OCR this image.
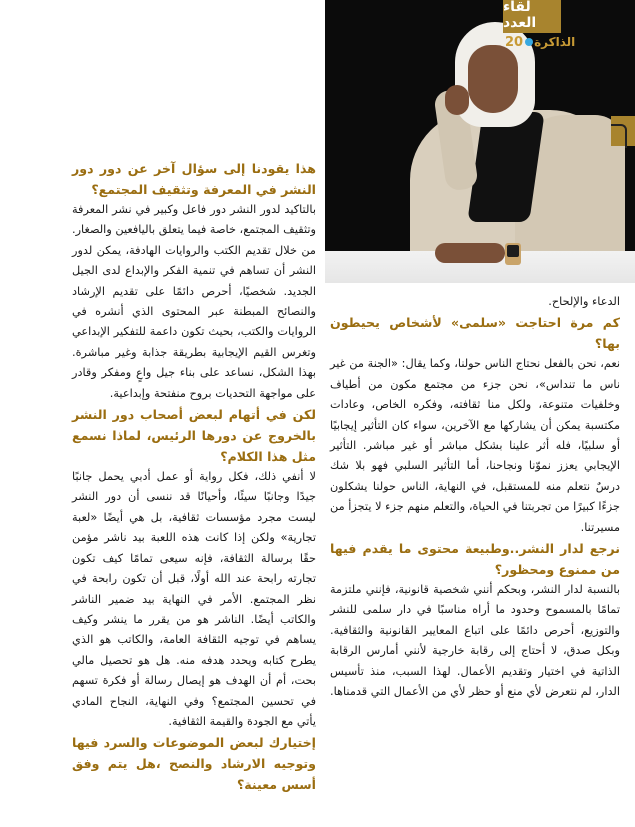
لقاء العدد
20 الذاكرة

هذا يقودنا إلى سؤال آخر عن دور دور النشر في المعرفة وتثقيف المجتمع؟

بالتاكيد لدور النشر دور فاعل وكبير في نشر المعرفة وتثقيف المجتمع، خاصة فيما يتعلق باليافعين والصغار. من خلال تقديم الكتب والروايات الهادفة، يمكن لدور النشر أن تساهم في تنمية الفكر والإبداع لدى الجيل الجديد. شخصيًا، أحرص دائمًا على تقديم الإرشاد والنصائح المبطنة عبر المحتوى الذي أنشره في الروايات والكتب، بحيث تكون داعمة للتفكير الإبداعي وتغرس القيم الإيجابية بطريقة جذابة وغير مباشرة. بهذا الشكل، نساعد على بناء جيل واعٍ ومفكر وقادر على مواجهة التحديات بروح منفتحة وإبداعية.

لكن في أتهام لبعض أصحاب دور النشر بالخروج عن دورها الرئيس، لماذا نسمع مثل هذا الكلام؟

لا أنفي ذلك، فكل رواية أو عمل أدبي يحمل جانبًا جيدًا وجانبًا سيئًا، وأحيانًا قد ننسى أن دور النشر ليست مجرد مؤسسات ثقافية، بل هي أيضًا «لعبة تجارية» ولكن إذا كانت هذه اللعبة بيد ناشر مؤمن حقًا برسالة الثقافة، فإنه سيعى تمامًا كيف تكون تجارته رابحة عند الله أولًا، قبل أن تكون رابحة في نظر المجتمع. الأمر في النهاية بيد ضمير الناشر والكاتب أيضًا. الناشر هو من يقرر ما ينشر وكيف يساهم في توجيه الثقافة العامة، والكاتب هو الذي يطرح كتابه ويحدد هدفه منه. هل هو تحصيل مالي بحت، أم أن الهدف هو إيصال رسالة أو فكرة تسهم في تحسين المجتمع؟ وفي النهاية، النجاح المادي يأتي مع الجودة والقيمة الثقافية.

إختيارك لبعض الموضوعات والسرد فيها وتوجيه الارشاد والنصح ،هل يتم وفق أسس معينة؟

الدعاء والإلحاح.

كم مرة احتاجت «سلمى» لأشخاص يحيطون بها؟

نعم، نحن بالفعل نحتاج الناس حولنا، وكما يقال: «الجنة من غير ناس ما تنداس»، نحن جزء من مجتمع مكون من أطياف وخلفيات متنوعة، ولكل منا ثقافته، وفكره الخاص، وعادات مكتسبة يمكن أن يشاركها مع الآخرين، سواء كان التأثير إيجابيًا أو سلبيًا، فله أثر علينا بشكل مباشر أو غير مباشر. التأثير الإيجابي يعزز نموّنا ونجاحنا، أما التأثير السلبي فهو بلا شك درسٌ نتعلم منه للمستقبل، في النهاية، الناس حولنا يشكلون جزءًا كبيرًا من تجربتنا في الحياة، والتعلم منهم جزء لا يتجزأ من مسيرتنا.

نرجع لدار النشر..وطبيعة محتوى ما يقدم فيها من ممنوع ومحظور؟

بالنسبة لدار النشر، وبحكم أنني شخصية قانونية، فإنني ملتزمة تمامًا بالمسموح وحدود ما أراه مناسبًا في دار سلمى للنشر والتوزيع، أحرص دائمًا على اتباع المعايير القانونية والثقافية. وبكل صدق، لا أحتاج إلى رقابة خارجية لأنني أمارس الرقابة الذاتية في اختيار وتقديم الأعمال. لهذا السبب، منذ تأسيس الدار، لم نتعرض لأي منع أو حظر لأي من الأعمال التي قدمناها.
